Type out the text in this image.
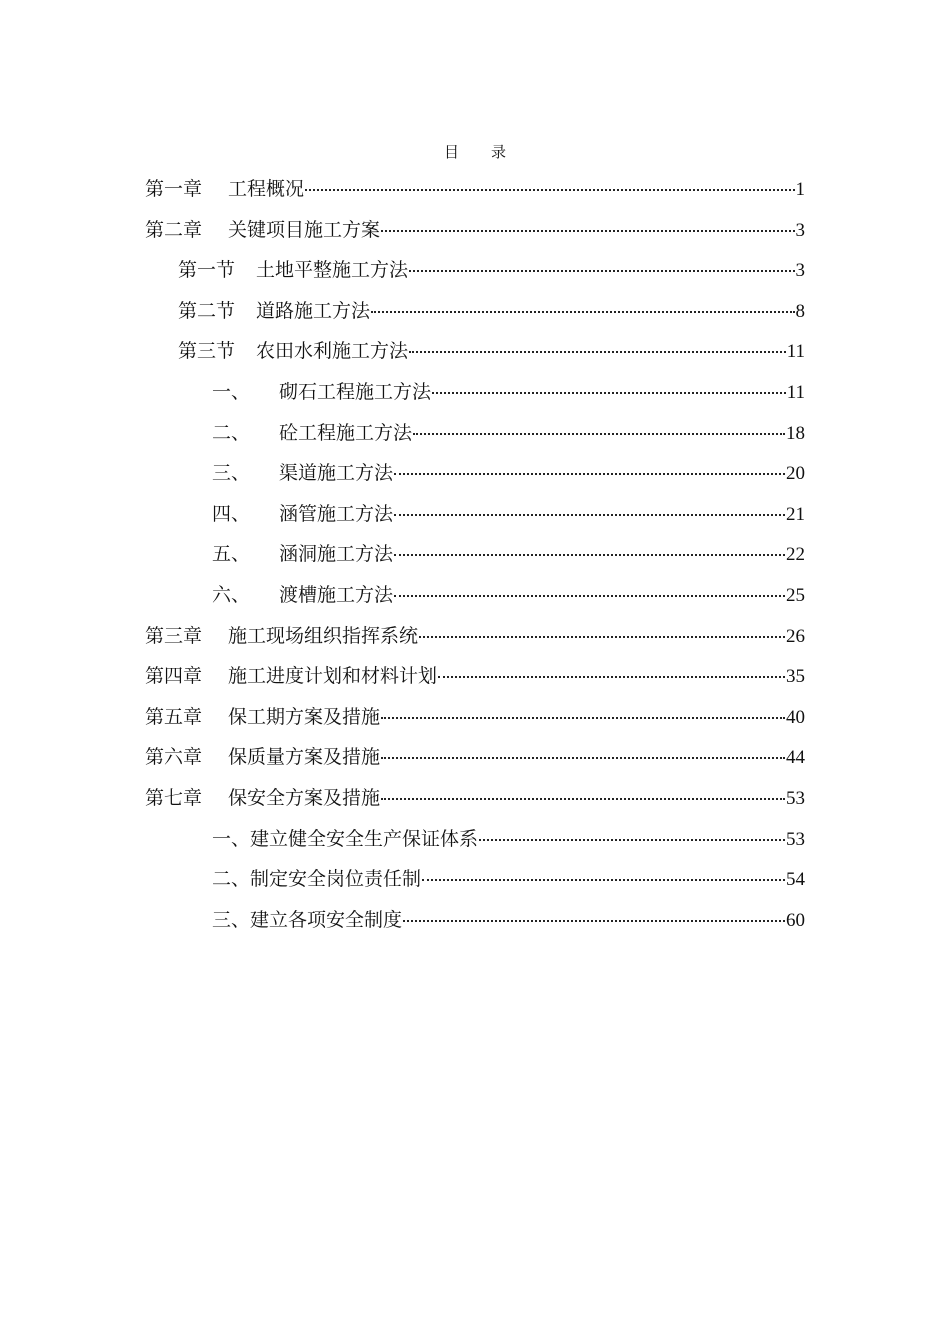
目录
第一章	工程概况	1
第二章	关键项目施工方案	3
第一节	土地平整施工方法	3
第二节	道路施工方法	8
第三节	农田水利施工方法	11
一、	砌石工程施工方法	11
二、	砼工程施工方法	18
三、	渠道施工方法	20
四、	涵管施工方法	21
五、	涵洞施工方法	22
六、	渡槽施工方法	25
第三章	施工现场组织指挥系统	26
第四章	施工进度计划和材料计划	35
第五章	保工期方案及措施	40
第六章	保质量方案及措施	44
第七章	保安全方案及措施	53
一、 建立健全安全生产保证体系	53
二、 制定安全岗位责任制	54
三、 建立各项安全制度	60
